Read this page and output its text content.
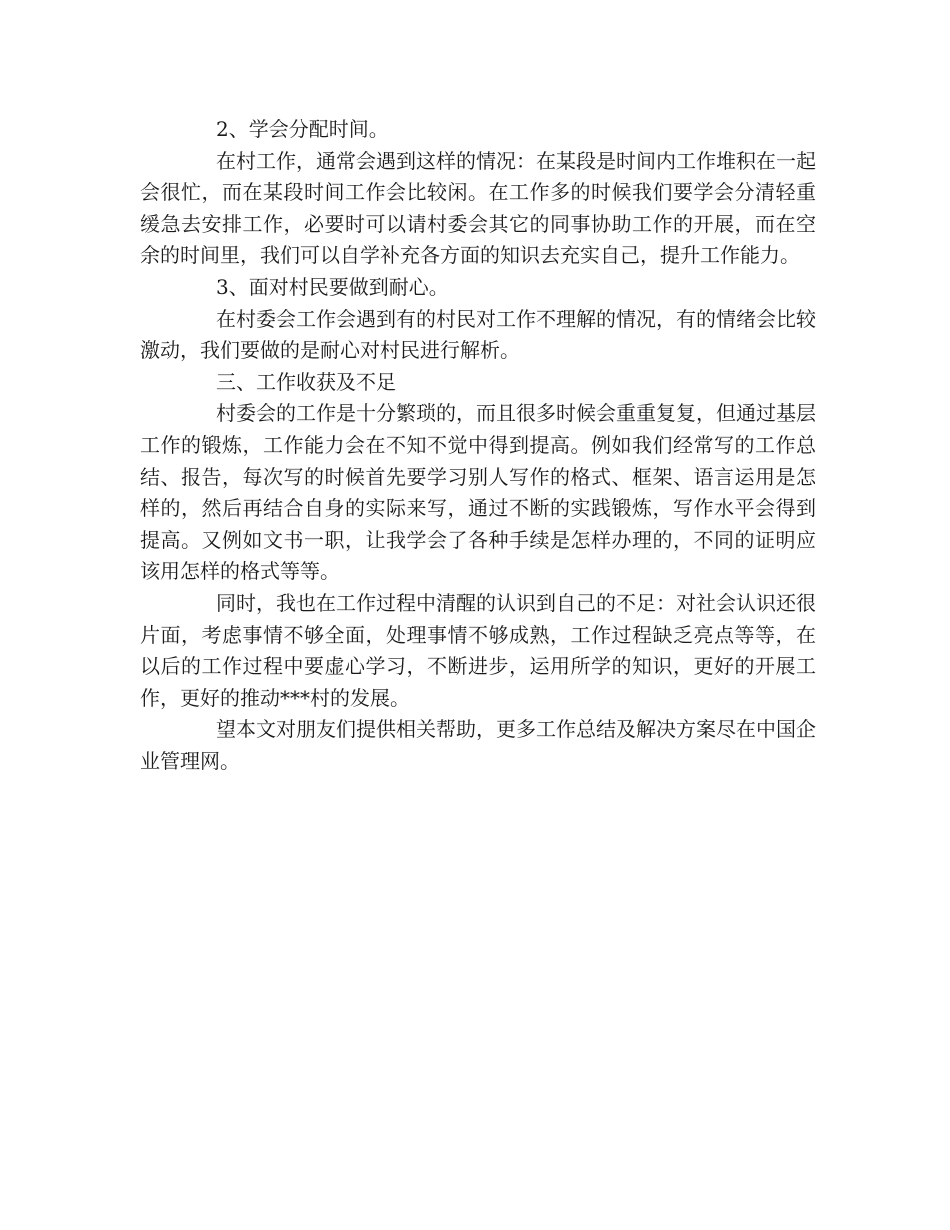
2、学会分配时间。

在村工作，通常会遇到这样的情况：在某段是时间内工作堆积在一起会很忙，而在某段时间工作会比较闲。在工作多的时候我们要学会分清轻重缓急去安排工作，必要时可以请村委会其它的同事协助工作的开展，而在空余的时间里，我们可以自学补充各方面的知识去充实自己，提升工作能力。

3、面对村民要做到耐心。

在村委会工作会遇到有的村民对工作不理解的情况，有的情绪会比较激动，我们要做的是耐心对村民进行解析。

三、工作收获及不足

村委会的工作是十分繁琐的，而且很多时候会重重复复，但通过基层工作的锻炼，工作能力会在不知不觉中得到提高。例如我们经常写的工作总结、报告，每次写的时候首先要学习别人写作的格式、框架、语言运用是怎样的，然后再结合自身的实际来写，通过不断的实践锻炼，写作水平会得到提高。又例如文书一职，让我学会了各种手续是怎样办理的，不同的证明应该用怎样的格式等等。

同时，我也在工作过程中清醒的认识到自己的不足：对社会认识还很片面，考虑事情不够全面，处理事情不够成熟，工作过程缺乏亮点等等，在以后的工作过程中要虚心学习，不断进步，运用所学的知识，更好的开展工作，更好的推动***村的发展。

望本文对朋友们提供相关帮助，更多工作总结及解决方案尽在中国企业管理网。
